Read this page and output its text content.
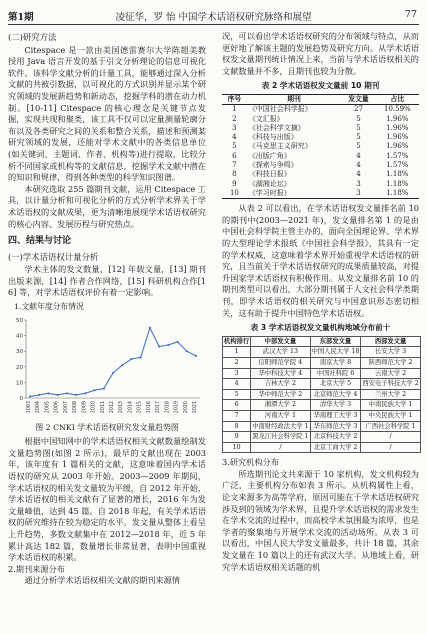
第1期	凌征华，罗 怡 中国学术话语权研究脉络和展望	77

(二)研究方法

Citespace 是一款由美国德雷赛尔大学陈超美教授用 Java 语言开发的基于引文分析理论的信息可视化软件。该科学文献分析的计量工具，能够通过深入分析文献的共被引数据，以可视化的方式识别并显示某个研究领域的发展新趋势和新动态，挖掘学科的潜在动力机制。[10-11] Citespace 的核心理念是关键节点发掘，实现共现和聚类，该工具不仅可以定量测量轮廓分布以及各类研究之间的关系和整合关系，描述和预测某研究领域的发展，还能对学术文献中的各类信息单位(如关键词、主题词、作者、机构等)进行提取，比较分析不同国家或机构等的文献信息，挖掘学术文献中潜在的知识和规律，得到各种类型的科学知识图谱。

本研究选取 255 篇期刊文献，运用 Citespace 工具，以计量分析和可视化分析的方式分析学术界关于学术话语权的文献成果，更为清晰地展现学术话语权研究的核心内容、发展历程与研究热点。

四、结果与讨论

(一)学术话语权计量分析

学术主体的发文数量，[12] 年载文量，[13] 期刊出版来源，[14] 作者合作网络，[15] 科研机构合作[16] 等，对学术话语权评价有着一定影响。

1.文献年度分布情况

0
10
20
30
40
50
2003 2004 2005 2006 2007 2008 2009 2010 2011 2012 2013 2014 2015 2016 2017 2018 2019 2020 2021

图 2 CNKI 学术话语权研究发文量趋势图

根据中国知网中的学术话语权相关文献数量绘制发文量趋势图(如图 2 所示)，最早的文献出现在 2003 年，该年度有 1 篇相关的文献，这意味着国内学术话语权的研究从 2003 年开始。2003—2009 年期间，学术话语权的相关发文量较为平缓，自 2012 年开始，学术话语权的相关文献有了显著的增长，2016 年为发文量峰值，达到 45 篇。自 2018 年起，有关学术话语权的研究维持在较为稳定的水平。发文量从整体上看呈上升趋势，多数文献集中在 2012—2018 年，近 5 年累计高达 182 篇，数量增长非常显著，表明中国重视学术话语权的积累。

2.期刊来源分布

通过分析学术话语权相关文献的期刊来源情

况，可以看出学术话语权研究的分布领域与特点，从而更好地了解该主题的发展趋势及研究方向。从学术话语权发文量期刊统计情况上来，当前与学术话语权相关的文献数量并不多，且期刊也较为分散。

表 2 学术话语权发文量前 10 期刊

序号	期刊	发文量	占比
1	《中国社会科学报》	27	10.59%
2	《文汇报》	5	1.96%
3	《社会科学文摘》	5	1.96%
4	《科技与出版》	5	1.96%
5	《马克思主义研究》	5	1.96%
6	《出版广角》	4	1.57%
7	《探索与争鸣》	4	1.57%
8	《科技日报》	4	1.18%
9	《湖湘论坛》	3	1.18%
10	《学习时报》	3	1.18%

从表 2 可以看出，在学术话语权发文量排名前 10 的期刊中(2003—2021 年)，发文量排名第 1 的是由中国社会科学院主管主办的，面向全国理论界、学术界的大型理论学术报纸《中国社会科学报》，其具有一定的学术权威，这意味着学术界开始重视学术话语权的研究，且当前关于学术话语权研究的成果质量较高，对提升国家学术话语权有积极作用。从发文量排名前 10 的期刊类型可以看出，大部分期刊属于人文社会科学类期刊，即学术话语权的相关研究与中国意识形态密切相关，这有助于提升中国特色学术话语权。

表 3 学术话语权发文量机构地域分布前十

机构排行	中部发文量	东部发文量	西部发文量
1	武汉大学 13	中国人民大学 18	长安大学 3
2	信阳师范学院 4	南京大学 8	陕西师范大学 2
3	华中科技大学 4	中国社科院 6	云南大学 2
4	吉林大学 2	北京大学 5	西安电子科技大学 2
5	华中师范大学 2	北京师范大学 4	兰州大学 2
6	湘潭大学 2	清华大学 3	中南民族大学 1
7	河南大学 1	华南理工大学 3	中央民族大学 1
8	中南财经政法大学 1	华东师范大学 3	广西社会科学院 1
9	黑龙江社会科学院 1	北京科技大学 2	/
10	/	北京工商大学 2	/

3.研究机构分布

所选期刊论文共来源于 10 家机构，发文机构较为广泛，主要机构分布如表 3 所示。从机构属性上看，论文来源多为高等学府，原因可能在于学术话语权研究涉及到的领域为学术界，且提升学术话语权的需求发生在学术交流的过程中，而高校学术氛围最为浓厚，也是学者的聚集地与开展学术交流的活动场所。从表 3 可以看出，中国人民大学发文量最多，共计 18 篇，其余发文量在 10 篇以上的还有武汉大学。从地域上看，研究学术话语权相关话题的机
